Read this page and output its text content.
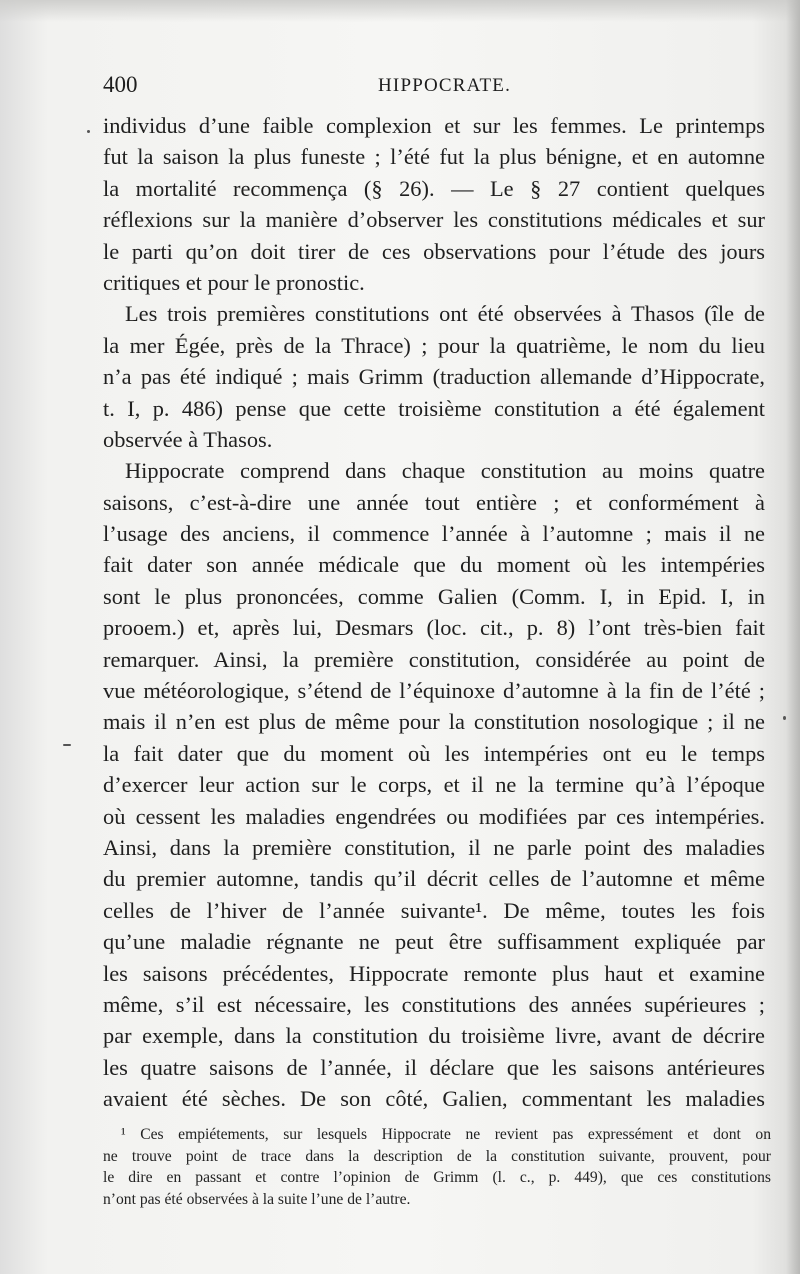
400	HIPPOCRATE.
individus d’une faible complexion et sur les femmes. Le printemps
fut la saison la plus funeste ; l’été fut la plus bénigne, et en automne
la mortalité recommença (§ 26). — Le § 27 contient quelques
réflexions sur la manière d’observer les constitutions médicales et sur
le parti qu’on doit tirer de ces observations pour l’étude des jours
critiques et pour le pronostic.
Les trois premières constitutions ont été observées à Thasos (île de
la mer Égée, près de la Thrace) ; pour la quatrième, le nom du lieu
n’a pas été indiqué ; mais Grimm (traduction allemande d’Hippocrate,
t. I, p. 486) pense que cette troisième constitution a été également
observée à Thasos.
Hippocrate comprend dans chaque constitution au moins quatre
saisons, c’est-à-dire une année tout entière ; et conformément à
l’usage des anciens, il commence l’année à l’automne ; mais il ne
fait dater son année médicale que du moment où les intempéries
sont le plus prononcées, comme Galien (Comm. I, in Epid. I, in
prooem.) et, après lui, Desmars (loc. cit., p. 8) l’ont très-bien fait
remarquer. Ainsi, la première constitution, considérée au point de
vue météorologique, s’étend de l’équinoxe d’automne à la fin de l’été ;
mais il n’en est plus de même pour la constitution nosologique ; il ne
la fait dater que du moment où les intempéries ont eu le temps
d’exercer leur action sur le corps, et il ne la termine qu’à l’époque
où cessent les maladies engendrées ou modifiées par ces intempéries.
Ainsi, dans la première constitution, il ne parle point des maladies
du premier automne, tandis qu’il décrit celles de l’automne et même
celles de l’hiver de l’année suivante¹. De même, toutes les fois
qu’une maladie régnante ne peut être suffisamment expliquée par
les saisons précédentes, Hippocrate remonte plus haut et examine
même, s’il est nécessaire, les constitutions des années supérieures ;
par exemple, dans la constitution du troisième livre, avant de décrire
les quatre saisons de l’année, il déclare que les saisons antérieures
avaient été sèches. De son côté, Galien, commentant les maladies
¹ Ces empiétements, sur lesquels Hippocrate ne revient pas expressément et dont on
ne trouve point de trace dans la description de la constitution suivante, prouvent, pour
le dire en passant et contre l’opinion de Grimm (l. c., p. 449), que ces constitutions
n’ont pas été observées à la suite l’une de l’autre.
